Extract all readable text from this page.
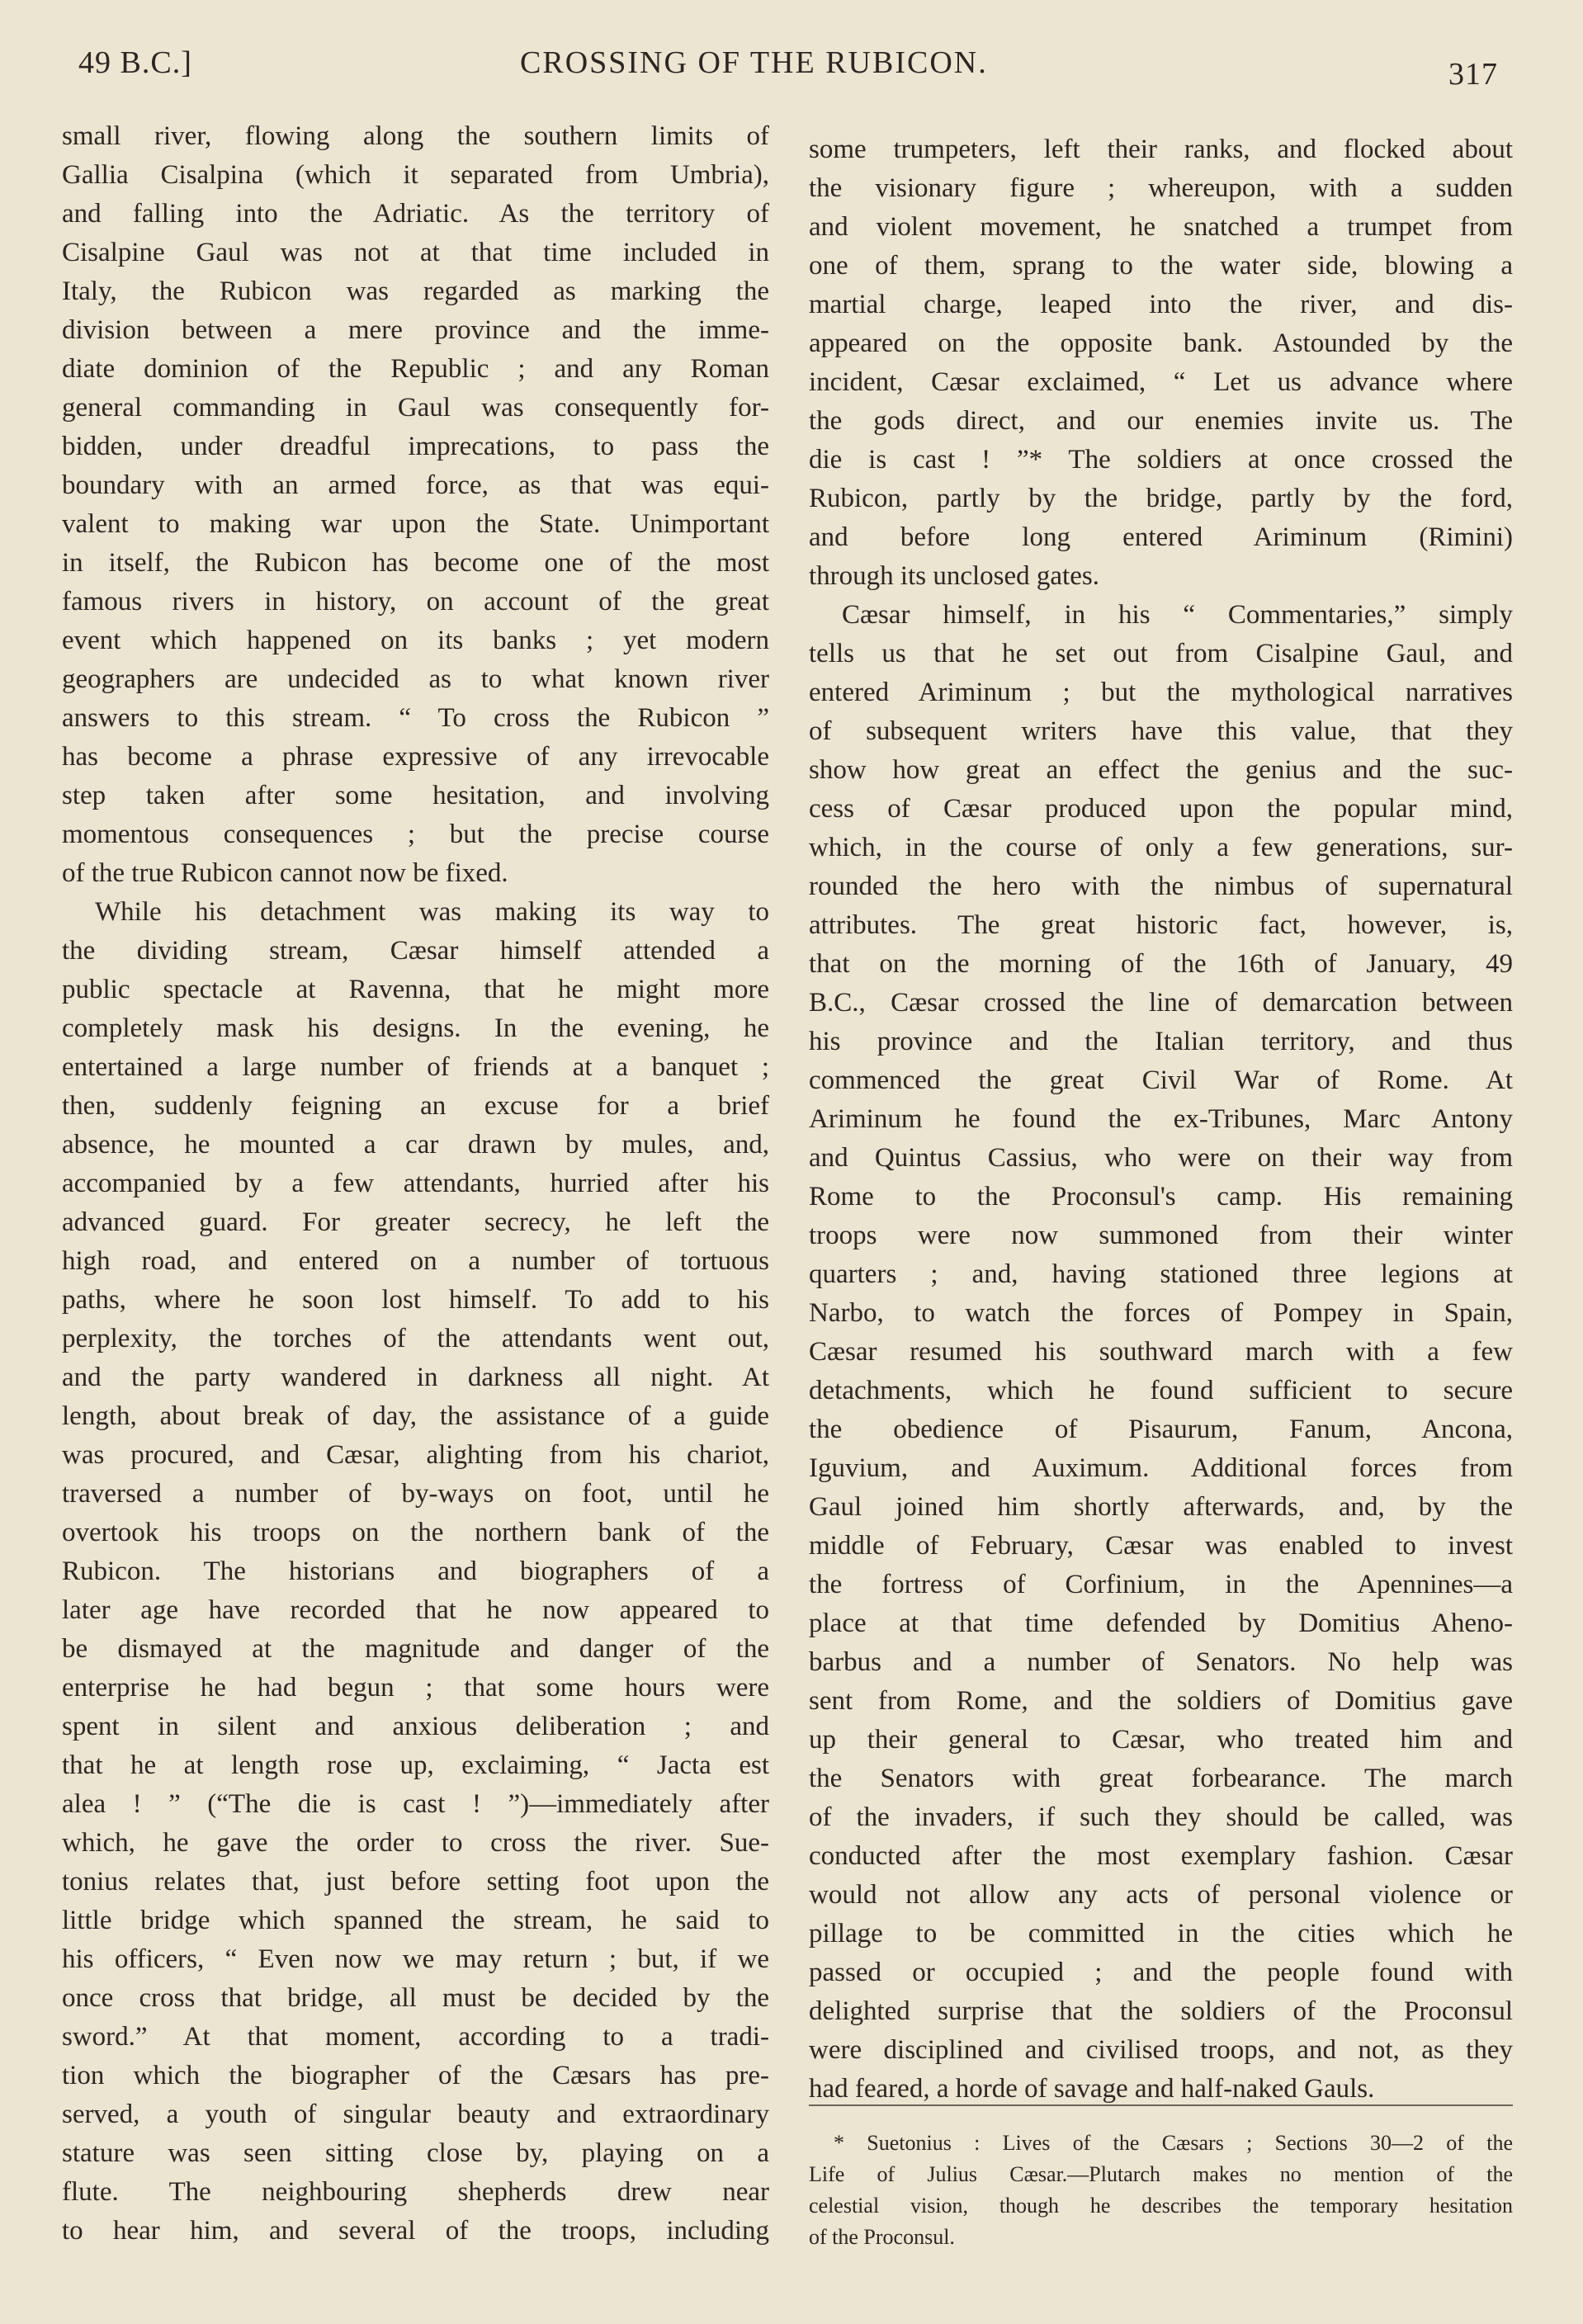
49 B.C.]	CROSSING OF THE RUBICON.	317
small river, flowing along the southern limits of
Gallia Cisalpina (which it separated from Umbria),
and falling into the Adriatic. As the territory of
Cisalpine Gaul was not at that time included in
Italy, the Rubicon was regarded as marking the
division between a mere province and the imme-
diate dominion of the Republic ; and any Roman
general commanding in Gaul was consequently for-
bidden, under dreadful imprecations, to pass the
boundary with an armed force, as that was equi-
valent to making war upon the State. Unimportant
in itself, the Rubicon has become one of the most
famous rivers in history, on account of the great
event which happened on its banks ; yet modern
geographers are undecided as to what known river
answers to this stream. “ To cross the Rubicon ”
has become a phrase expressive of any irrevocable
step taken after some hesitation, and involving
momentous consequences ; but the precise course
of the true Rubicon cannot now be fixed.
While his detachment was making its way to
the dividing stream, Cæsar himself attended a
public spectacle at Ravenna, that he might more
completely mask his designs. In the evening, he
entertained a large number of friends at a banquet ;
then, suddenly feigning an excuse for a brief
absence, he mounted a car drawn by mules, and,
accompanied by a few attendants, hurried after his
advanced guard. For greater secrecy, he left the
high road, and entered on a number of tortuous
paths, where he soon lost himself. To add to his
perplexity, the torches of the attendants went out,
and the party wandered in darkness all night. At
length, about break of day, the assistance of a guide
was procured, and Cæsar, alighting from his chariot,
traversed a number of by-ways on foot, until he
overtook his troops on the northern bank of the
Rubicon. The historians and biographers of a
later age have recorded that he now appeared to
be dismayed at the magnitude and danger of the
enterprise he had begun ; that some hours were
spent in silent and anxious deliberation ; and
that he at length rose up, exclaiming, “ Jacta est
alea ! ” (“The die is cast ! ”)—immediately after
which, he gave the order to cross the river. Sue-
tonius relates that, just before setting foot upon the
little bridge which spanned the stream, he said to
his officers, “ Even now we may return ; but, if we
once cross that bridge, all must be decided by the
sword.” At that moment, according to a tradi-
tion which the biographer of the Cæsars has pre-
served, a youth of singular beauty and extraordinary
stature was seen sitting close by, playing on a
flute. The neighbouring shepherds drew near
to hear him, and several of the troops, including
some trumpeters, left their ranks, and flocked about
the visionary figure ; whereupon, with a sudden
and violent movement, he snatched a trumpet from
one of them, sprang to the water side, blowing a
martial charge, leaped into the river, and dis-
appeared on the opposite bank. Astounded by the
incident, Cæsar exclaimed, “ Let us advance where
the gods direct, and our enemies invite us. The
die is cast ! ”* The soldiers at once crossed the
Rubicon, partly by the bridge, partly by the ford,
and before long entered Ariminum (Rimini)
through its unclosed gates.
Cæsar himself, in his “ Commentaries,” simply
tells us that he set out from Cisalpine Gaul, and
entered Ariminum ; but the mythological narratives
of subsequent writers have this value, that they
show how great an effect the genius and the suc-
cess of Cæsar produced upon the popular mind,
which, in the course of only a few generations, sur-
rounded the hero with the nimbus of supernatural
attributes. The great historic fact, however, is,
that on the morning of the 16th of January, 49
B.C., Cæsar crossed the line of demarcation between
his province and the Italian territory, and thus
commenced the great Civil War of Rome. At
Ariminum he found the ex-Tribunes, Marc Antony
and Quintus Cassius, who were on their way from
Rome to the Proconsul's camp. His remaining
troops were now summoned from their winter
quarters ; and, having stationed three legions at
Narbo, to watch the forces of Pompey in Spain,
Cæsar resumed his southward march with a few
detachments, which he found sufficient to secure
the obedience of Pisaurum, Fanum, Ancona,
Iguvium, and Auximum. Additional forces from
Gaul joined him shortly afterwards, and, by the
middle of February, Cæsar was enabled to invest
the fortress of Corfinium, in the Apennines—a
place at that time defended by Domitius Aheno-
barbus and a number of Senators. No help was
sent from Rome, and the soldiers of Domitius gave
up their general to Cæsar, who treated him and
the Senators with great forbearance. The march
of the invaders, if such they should be called, was
conducted after the most exemplary fashion. Cæsar
would not allow any acts of personal violence or
pillage to be committed in the cities which he
passed or occupied ; and the people found with
delighted surprise that the soldiers of the Proconsul
were disciplined and civilised troops, and not, as they
had feared, a horde of savage and half-naked Gauls.
* Suetonius : Lives of the Cæsars ; Sections 30—2 of the
Life of Julius Cæsar.—Plutarch makes no mention of the
celestial vision, though he describes the temporary hesitation
of the Proconsul.
